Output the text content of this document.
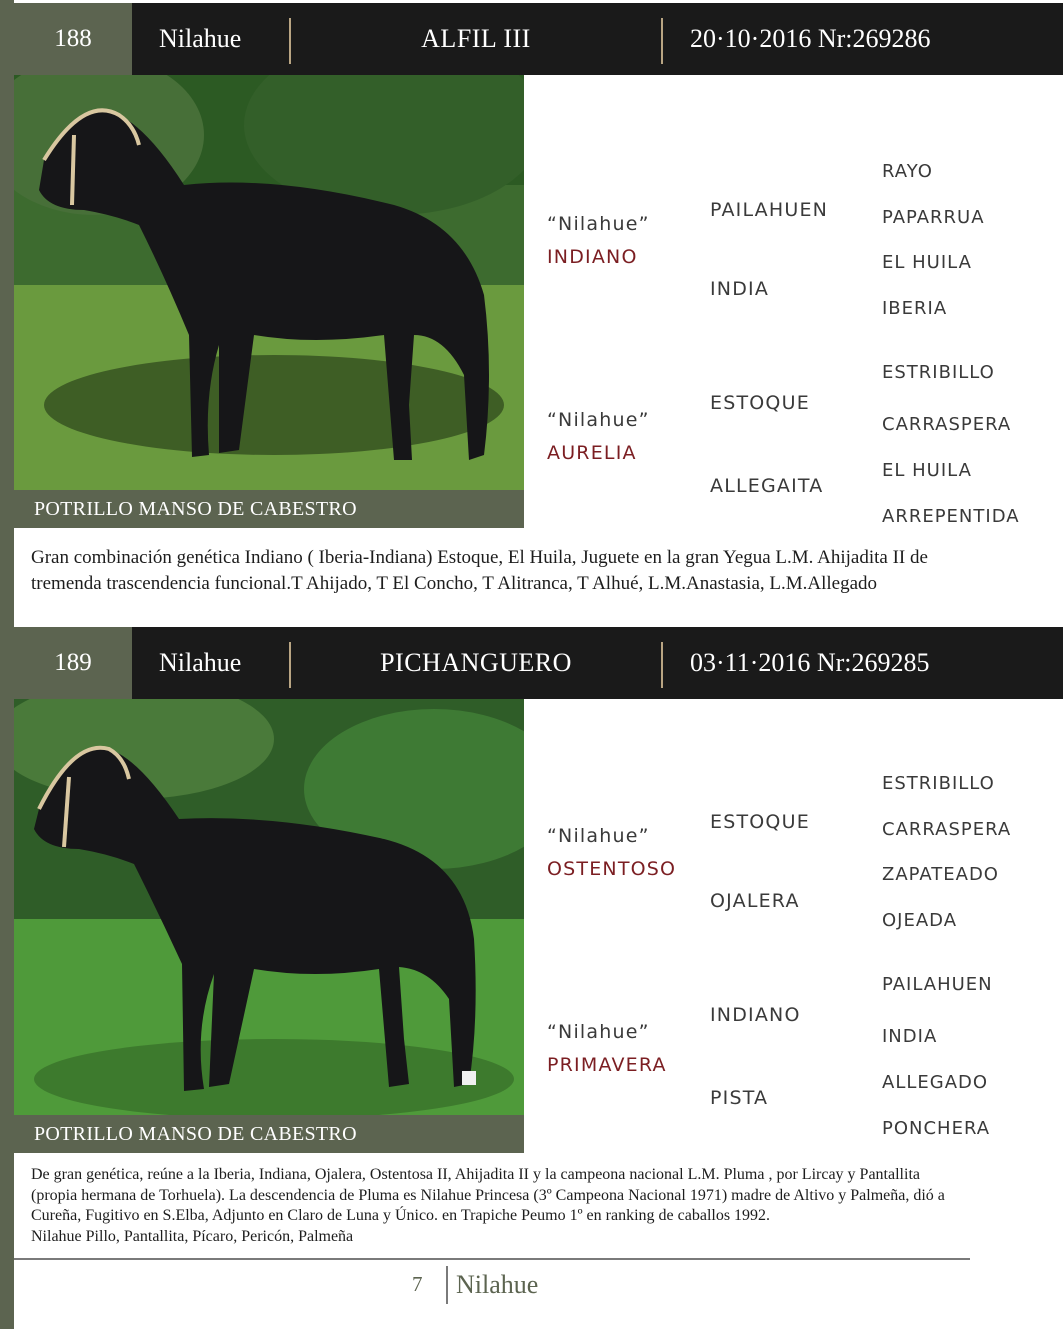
188	Nilahue	ALFIL III	20·10·2016 Nr:269286
POTRILLO MANSO DE CABESTRO
“Nilahue”
INDIANO
“Nilahue”
AURELIA
PAILAHUEN
INDIA
ESTOQUE
ALLEGAITA
RAYO
PAPARRUA
EL HUILA
IBERIA
ESTRIBILLO
CARRASPERA
EL HUILA
ARREPENTIDA
Gran combinación genética Indiano ( Iberia-Indiana) Estoque, El Huila, Juguete en la gran Yegua L.M. Ahijadita II de tremenda trascendencia funcional.T Ahijado, T El Concho, T Alitranca, T Alhué, L.M.Anastasia, L.M.Allegado
189	Nilahue	PICHANGUERO	03·11·2016 Nr:269285
POTRILLO MANSO DE CABESTRO
“Nilahue”
OSTENTOSO
“Nilahue”
PRIMAVERA
ESTOQUE
OJALERA
INDIANO
PISTA
ESTRIBILLO
CARRASPERA
ZAPATEADO
OJEADA
PAILAHUEN
INDIA
ALLEGADO
PONCHERA
De gran genética, reúne a la Iberia, Indiana, Ojalera, Ostentosa II, Ahijadita II y la campeona nacional L.M. Pluma , por Lircay y Pantallita
(propia hermana de Torhuela). La descendencia de Pluma es Nilahue Princesa (3º Campeona Nacional 1971) madre de Altivo y Palmeña, dió a
Cureña, Fugitivo en S.Elba, Adjunto en Claro de Luna y Único. en Trapiche Peumo 1º en ranking de caballos 1992.
Nilahue Pillo, Pantallita, Pícaro, Pericón, Palmeña
7 Nilahue
